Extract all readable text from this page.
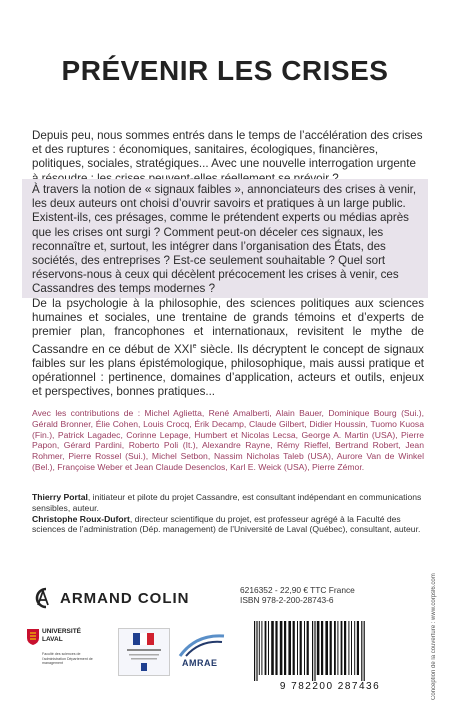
PRÉVENIR LES CRISES
Depuis peu, nous sommes entrés dans le temps de l’accélération des crises et des ruptures : économiques, sanitaires, écologiques, financières, politiques, sociales, stratégiques... Avec une nouvelle interrogation urgente
À travers la notion de « signaux faibles », annonciateurs des crises à venir, les deux auteurs ont choisi d’ouvrir savoirs et pratiques à un large public. Existent-ils, ces présages, comme le prétendent experts ou médias après que les crises ont surgi ? Comment peut-on déceler ces signaux, les reconnaître et, surtout, les intégrer dans l’organisation des États, des sociétés, des entreprises ? Est-ce seulement souhaitable ? Quel sort réservons-nous à ceux qui décèlent précocement les crises à venir, ces Cassandres des temps modernes ?
De la psychologie à la philosophie, des sciences politiques aux sciences humaines et sociales, une trentaine de grands témoins et d’experts de premier plan, francophones et internationaux, revisitent le mythe de Cassandre en ce début de XXIe siècle. Ils décryptent le concept de signaux faibles sur les plans épistémologique, philosophique, mais aussi pratique et opérationnel : pertinence, domaines d’application, acteurs et outils, enjeux et perspectives, bonnes pratiques...
Avec les contributions de : Michel Aglietta, René Amalberti, Alain Bauer, Dominique Bourg (Sui.), Gérald Bronner, Élie Cohen, Louis Crocq, Érik Decamp, Claude Gilbert, Didier Houssin, Tuomo Kuosa (Fin.), Patrick Lagadec, Corinne Lepage, Humbert et Nicolas Lecsa, George A. Martin (USA), Pierre Papon, Gérard Pardini, Roberto Poli (It.), Alexandre Rayne, Rémy Rieffel, Bertrand Robert, Jean Rohmer, Pierre Rossel (Sui.), Michel Setbon, Nassim Nicholas Taleb (USA), Aurore Van de Winkel (Bel.), Françoise Weber et Jean Claude Desenclos, Karl E. Weick (USA), Pierre Zémor.
Thierry Portal, initiateur et pilote du projet Cassandre, est consultant indépendant en communications sensibles, auteur.
Christophe Roux-Dufort, directeur scientifique du projet, est professeur agrégé à la Faculté des sciences de l’administration (Dép. management) de l’Université de Laval (Québec), consultant, auteur.
ARMAND COLIN	6216352 - 22,90 € TTC France
ISBN 978-2-200-28743-6
9 782200 287436	Conception de la couverture : www.corpsl6.com
UNIVERSITÉ LAVAL
Faculté des sciences de l’administration Département de management	AMRAE
